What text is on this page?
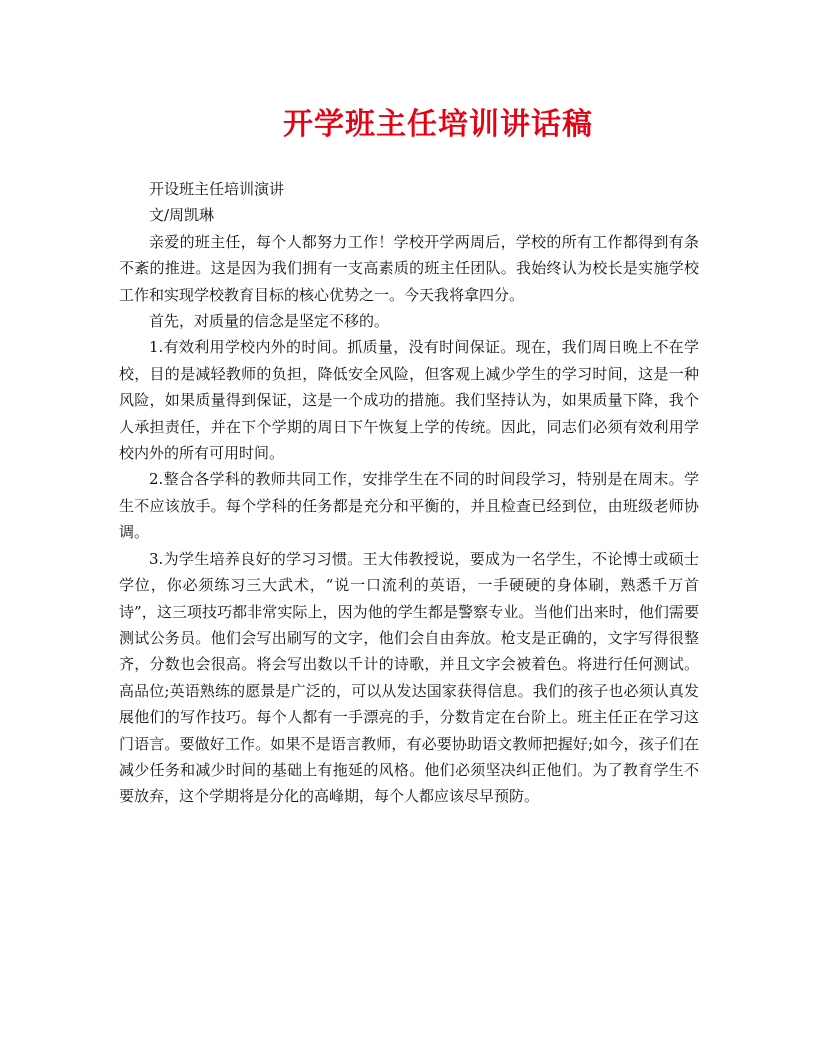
开学班主任培训讲话稿

开设班主任培训演讲

文/周凯琳

亲爱的班主任，每个人都努力工作！学校开学两周后，学校的所有工作都得到有条不紊的推进。这是因为我们拥有一支高素质的班主任团队。我始终认为校长是实施学校工作和实现学校教育目标的核心优势之一。今天我将拿四分。

首先，对质量的信念是坚定不移的。

1.有效利用学校内外的时间。抓质量，没有时间保证。现在，我们周日晚上不在学校，目的是减轻教师的负担，降低安全风险，但客观上减少学生的学习时间，这是一种风险，如果质量得到保证，这是一个成功的措施。我们坚持认为，如果质量下降，我个人承担责任，并在下个学期的周日下午恢复上学的传统。因此，同志们必须有效利用学校内外的所有可用时间。

2.整合各学科的教师共同工作，安排学生在不同的时间段学习，特别是在周末。学生不应该放手。每个学科的任务都是充分和平衡的，并且检查已经到位，由班级老师协调。

3.为学生培养良好的学习习惯。王大伟教授说，要成为一名学生，不论博士或硕士学位，你必须练习三大武术，“说一口流利的英语，一手硬硬的身体刷，熟悉千万首诗”，这三项技巧都非常实际上，因为他的学生都是警察专业。当他们出来时，他们需要测试公务员。他们会写出刷写的文字，他们会自由奔放。枪支是正确的，文字写得很整齐，分数也会很高。将会写出数以千计的诗歌，并且文字会被着色。将进行任何测试。高品位;英语熟练的愿景是广泛的，可以从发达国家获得信息。我们的孩子也必须认真发展他们的写作技巧。每个人都有一手漂亮的手，分数肯定在台阶上。班主任正在学习这门语言。要做好工作。如果不是语言教师，有必要协助语文教师把握好;如今，孩子们在减少任务和减少时间的基础上有拖延的风格。他们必须坚决纠正他们。为了教育学生不要放弃，这个学期将是分化的高峰期，每个人都应该尽早预防。
